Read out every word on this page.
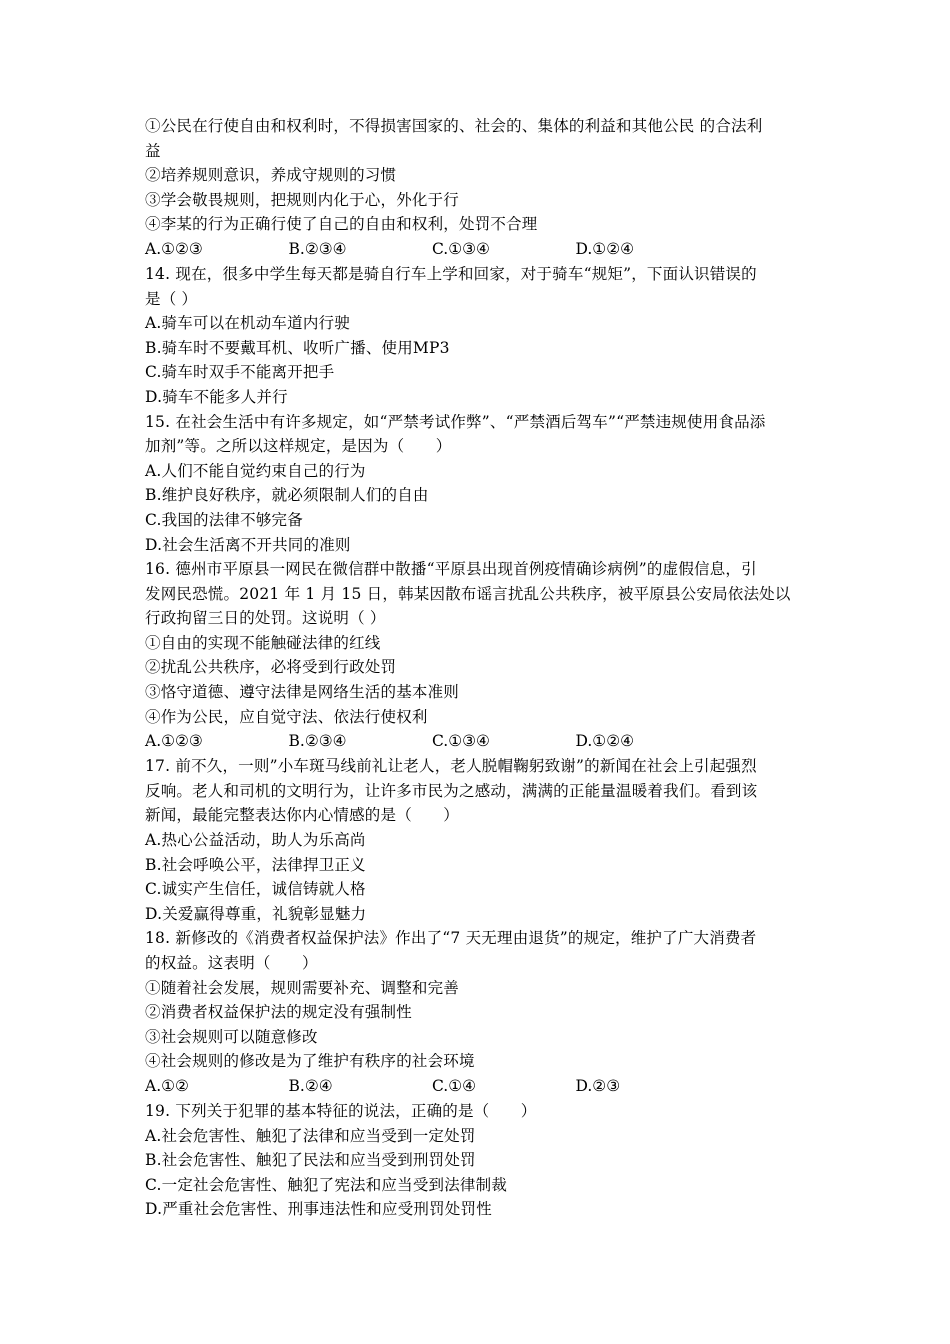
①公民在行使自由和权利时，不得损害国家的、社会的、集体的利益和其他公民 的合法利
益
②培养规则意识，养成守规则的习惯
③学会敬畏规则，把规则内化于心，外化于行
④李某的行为正确行使了自己的自由和权利，处罚不合理
A.①②③	B.②③④	C.①③④	D.①②④
14. 现在，很多中学生每天都是骑自行车上学和回家，对于骑车“规矩”，下面认识错误的
是（ ）
A.骑车可以在机动车道内行驶
B.骑车时不要戴耳机、收听广播、使用MP3
C.骑车时双手不能离开把手
D.骑车不能多人并行
15. 在社会生活中有许多规定，如“严禁考试作弊”、“严禁酒后驾车”“严禁违规使用食品添
加剂”等。之所以这样规定，是因为（　　）
A.人们不能自觉约束自己的行为
B.维护良好秩序，就必须限制人们的自由
C.我国的法律不够完备
D.社会生活离不开共同的准则
16. 德州市平原县一网民在微信群中散播“平原县出现首例疫情确诊病例”的虚假信息，引
发网民恐慌。2021 年 1 月 15 日，韩某因散布谣言扰乱公共秩序，被平原县公安局依法处以
行政拘留三日的处罚。这说明（ ）
①自由的实现不能触碰法律的红线
②扰乱公共秩序，必将受到行政处罚
③恪守道德、遵守法律是网络生活的基本准则
④作为公民，应自觉守法、依法行使权利
A.①②③	B.②③④	C.①③④	D.①②④
17. 前不久，一则”小车斑马线前礼让老人，老人脱帽鞠躬致谢”的新闻在社会上引起强烈
反响。老人和司机的文明行为，让许多市民为之感动，满满的正能量温暖着我们。看到该
新闻，最能完整表达你内心情感的是（　　）
A.热心公益活动，助人为乐高尚
B.社会呼唤公平，法律捍卫正义
C.诚实产生信任，诚信铸就人格
D.关爱赢得尊重，礼貌彰显魅力
18. 新修改的《消费者权益保护法》作出了“7 天无理由退货”的规定，维护了广大消费者
的权益。这表明（　　）
①随着社会发展，规则需要补充、调整和完善
②消费者权益保护法的规定没有强制性
③社会规则可以随意修改
④社会规则的修改是为了维护有秩序的社会环境
A.①②	B.②④	C.①④	D.②③
19. 下列关于犯罪的基本特征的说法，正确的是（　　）
A.社会危害性、触犯了法律和应当受到一定处罚
B.社会危害性、触犯了民法和应当受到刑罚处罚
C.一定社会危害性、触犯了宪法和应当受到法律制裁
D.严重社会危害性、刑事违法性和应受刑罚处罚性
